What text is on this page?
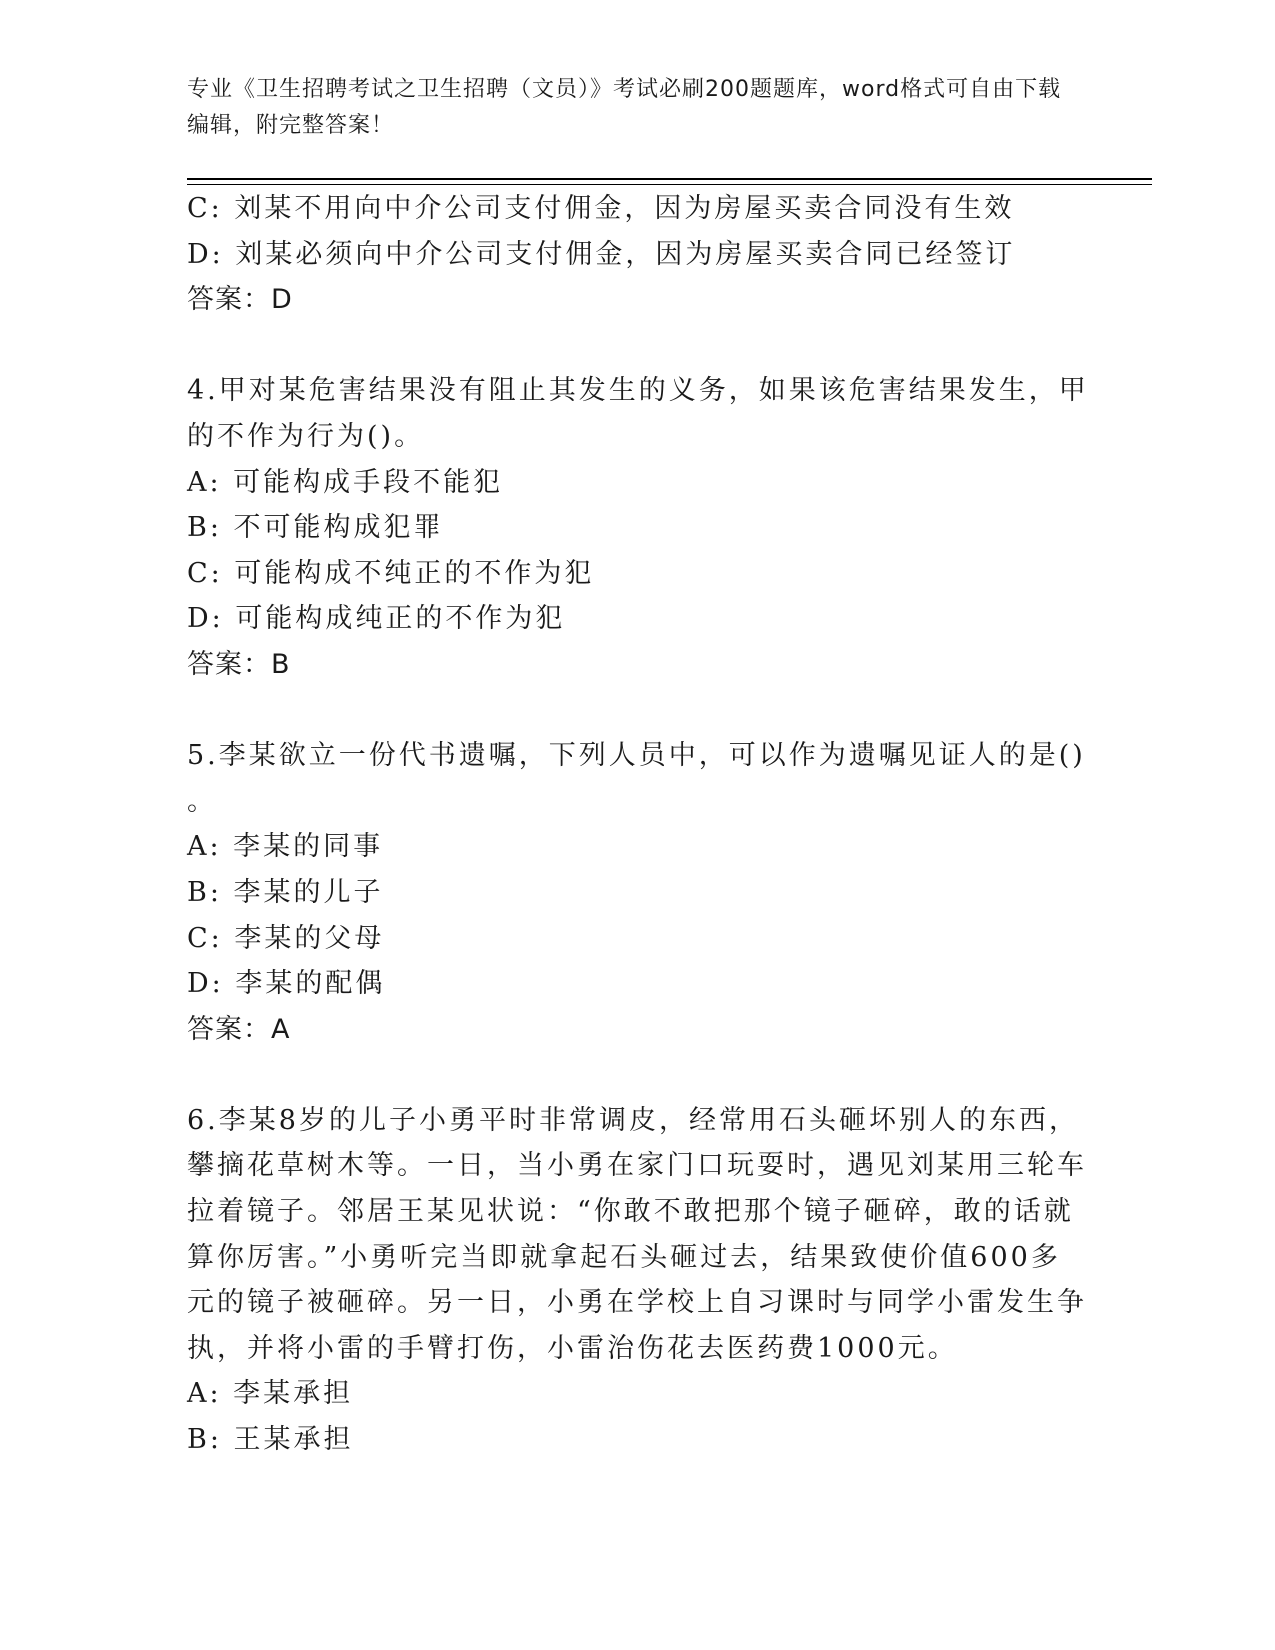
专业《卫生招聘考试之卫生招聘（文员）》考试必刷200题题库，word格式可自由下载编辑，附完整答案！
C: 刘某不用向中介公司支付佣金，因为房屋买卖合同没有生效
D: 刘某必须向中介公司支付佣金，因为房屋买卖合同已经签订
答案：D
4.甲对某危害结果没有阻止其发生的义务，如果该危害结果发生，甲
的不作为行为()。
A: 可能构成手段不能犯
B: 不可能构成犯罪
C: 可能构成不纯正的不作为犯
D: 可能构成纯正的不作为犯
答案：B
5.李某欲立一份代书遗嘱，下列人员中，可以作为遗嘱见证人的是()
。
A: 李某的同事
B: 李某的儿子
C: 李某的父母
D: 李某的配偶
答案：A
6.李某8岁的儿子小勇平时非常调皮，经常用石头砸坏别人的东西，
攀摘花草树木等。一日，当小勇在家门口玩耍时，遇见刘某用三轮车
拉着镜子。邻居王某见状说：“你敢不敢把那个镜子砸碎，敢的话就
算你厉害。”小勇听完当即就拿起石头砸过去，结果致使价值600多
元的镜子被砸碎。另一日，小勇在学校上自习课时与同学小雷发生争
执，并将小雷的手臂打伤，小雷治伤花去医药费1000元。
A: 李某承担
B: 王某承担
